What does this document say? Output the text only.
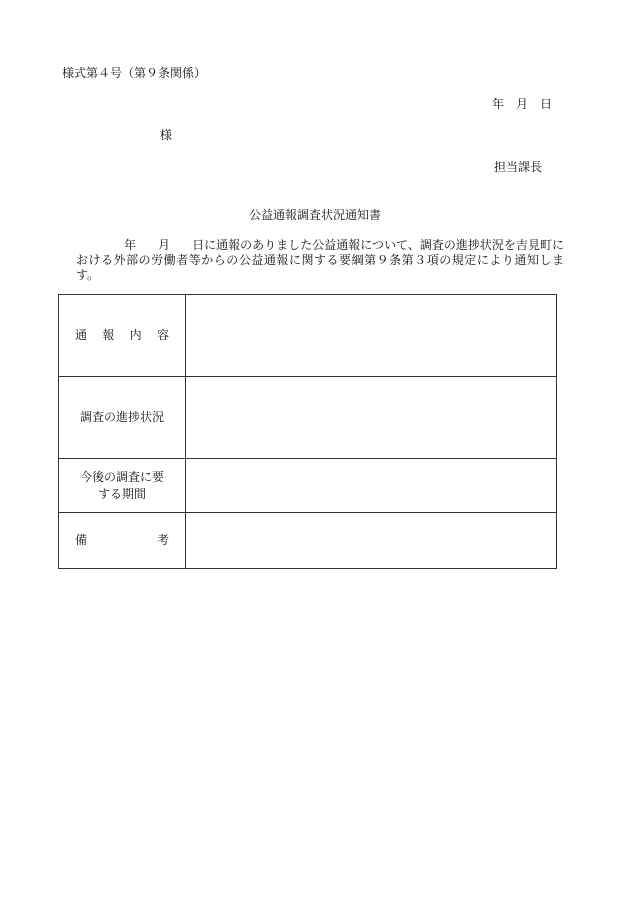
様式第４号（第９条関係）
年　月　日
様
担当課長
公益通報調査状況通知書
年 月 日に通報のありました公益通報について、調査の進捗状況を吉見町における外部の労働者等からの公益通報に関する要綱第９条第３項の規定により通知します。
通 報 内 容	

調査の進捗状況	

今後の調査に要
する期間	

備 考	
